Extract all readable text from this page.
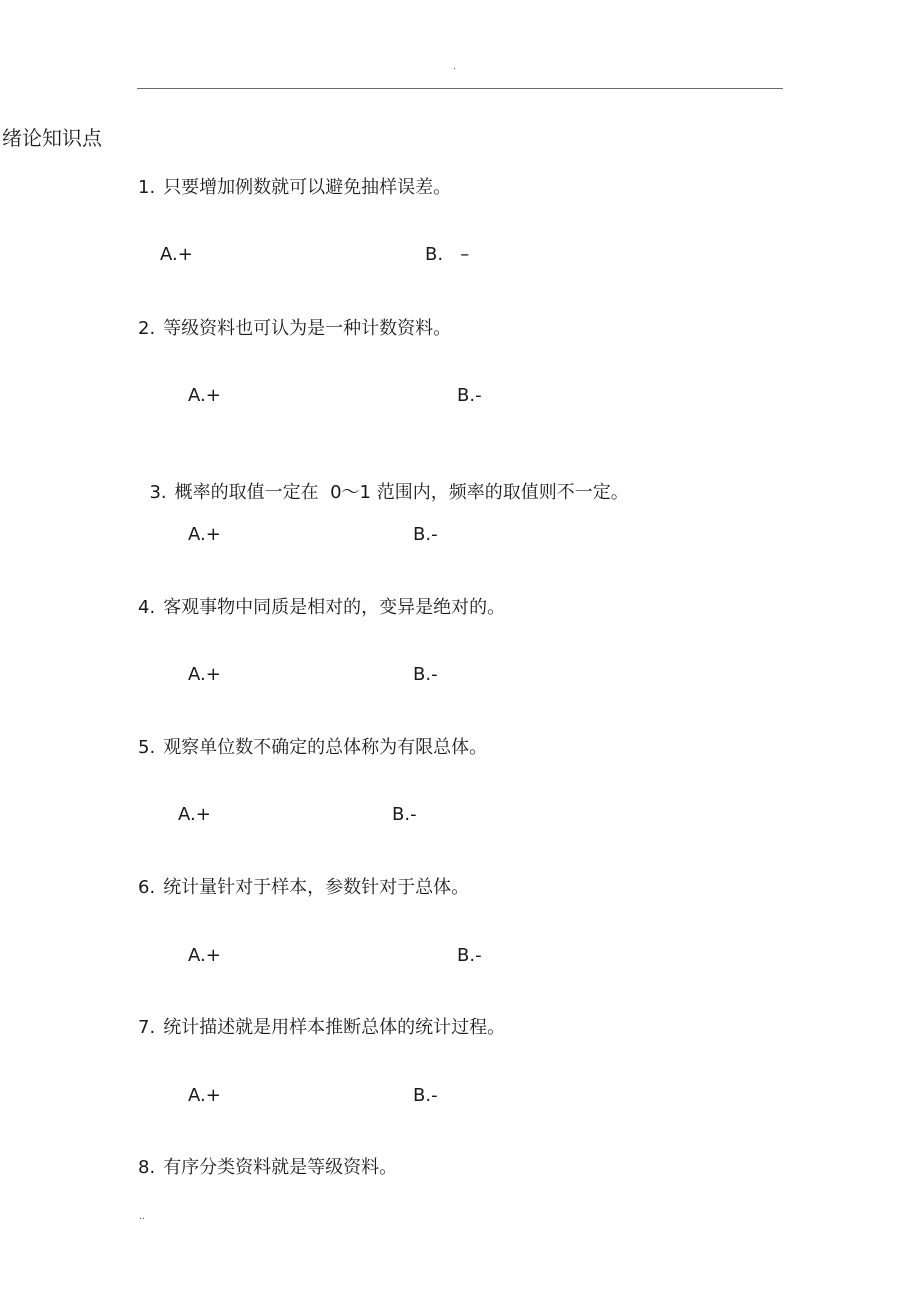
.
绪论知识点
1. 只要增加例数就可以避免抽样误差。
A.+	B.   –
2. 等级资料也可认为是一种计数资料。
A.+	B.-

3. 概率的取值一定在  0～1 范围内，频率的取值则不一定。

A.+	B.-
4. 客观事物中同质是相对的，变异是绝对的。
A.+	B.-
5. 观察单位数不确定的总体称为有限总体。
A.+	B.-
6. 统计量针对于样本，参数针对于总体。
A.+	B.-
7. 统计描述就是用样本推断总体的统计过程。
A.+	B.-
8. 有序分类资料就是等级资料。
..
